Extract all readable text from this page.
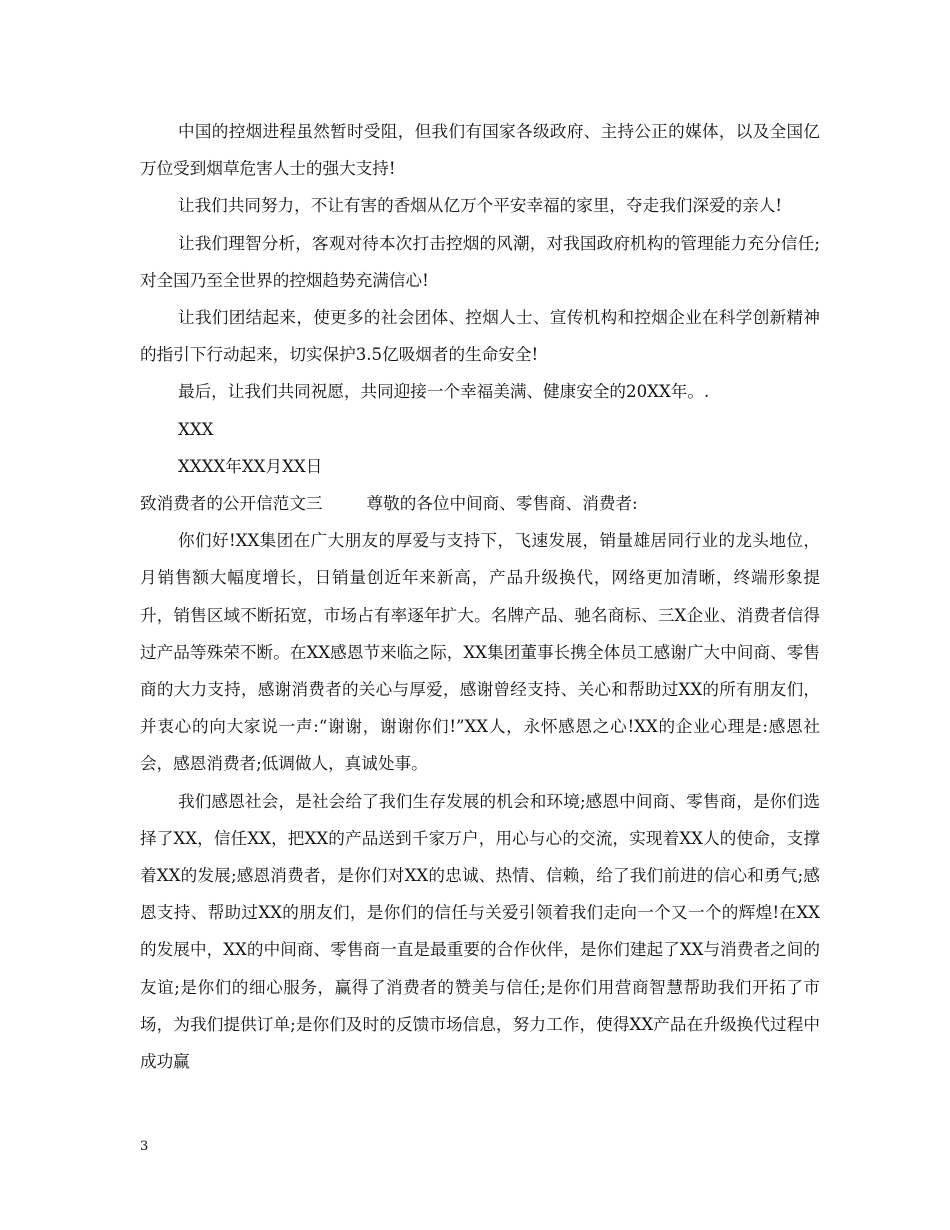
中国的控烟进程虽然暂时受阻，但我们有国家各级政府、主持公正的媒体，以及全国亿万位受到烟草危害人士的强大支持!

让我们共同努力，不让有害的香烟从亿万个平安幸福的家里，夺走我们深爱的亲人!

让我们理智分析，客观对待本次打击控烟的风潮，对我国政府机构的管理能力充分信任;对全国乃至全世界的控烟趋势充满信心!

让我们团结起来，使更多的社会团体、控烟人士、宣传机构和控烟企业在科学创新精神的指引下行动起来，切实保护3.5亿吸烟者的生命安全!

最后，让我们共同祝愿，共同迎接一个幸福美满、健康安全的20XX年。.

XXX

XXXX年XX月XX日

致消费者的公开信范文三	尊敬的各位中间商、零售商、消费者:

你们好!XX集团在广大朋友的厚爱与支持下，飞速发展，销量雄居同行业的龙头地位，月销售额大幅度增长，日销量创近年来新高，产品升级换代，网络更加清晰，终端形象提升，销售区域不断拓宽，市场占有率逐年扩大。名牌产品、驰名商标、三X企业、消费者信得过产品等殊荣不断。在XX感恩节来临之际，XX集团董事长携全体员工感谢广大中间商、零售商的大力支持，感谢消费者的关心与厚爱，感谢曾经支持、关心和帮助过XX的所有朋友们，并衷心的向大家说一声:“谢谢，谢谢你们!”XX人，永怀感恩之心!XX的企业心理是:感恩社会，感恩消费者;低调做人，真诚处事。

我们感恩社会，是社会给了我们生存发展的机会和环境;感恩中间商、零售商，是你们选择了XX，信任XX，把XX的产品送到千家万户，用心与心的交流，实现着XX人的使命，支撑着XX的发展;感恩消费者，是你们对XX的忠诚、热情、信赖，给了我们前进的信心和勇气;感恩支持、帮助过XX的朋友们，是你们的信任与关爱引领着我们走向一个又一个的辉煌!在XX的发展中，XX的中间商、零售商一直是最重要的合作伙伴，是你们建起了XX与消费者之间的友谊;是你们的细心服务，赢得了消费者的赞美与信任;是你们用营商智慧帮助我们开拓了市场，为我们提供订单;是你们及时的反馈市场信息，努力工作，使得XX产品在升级换代过程中成功赢

3
